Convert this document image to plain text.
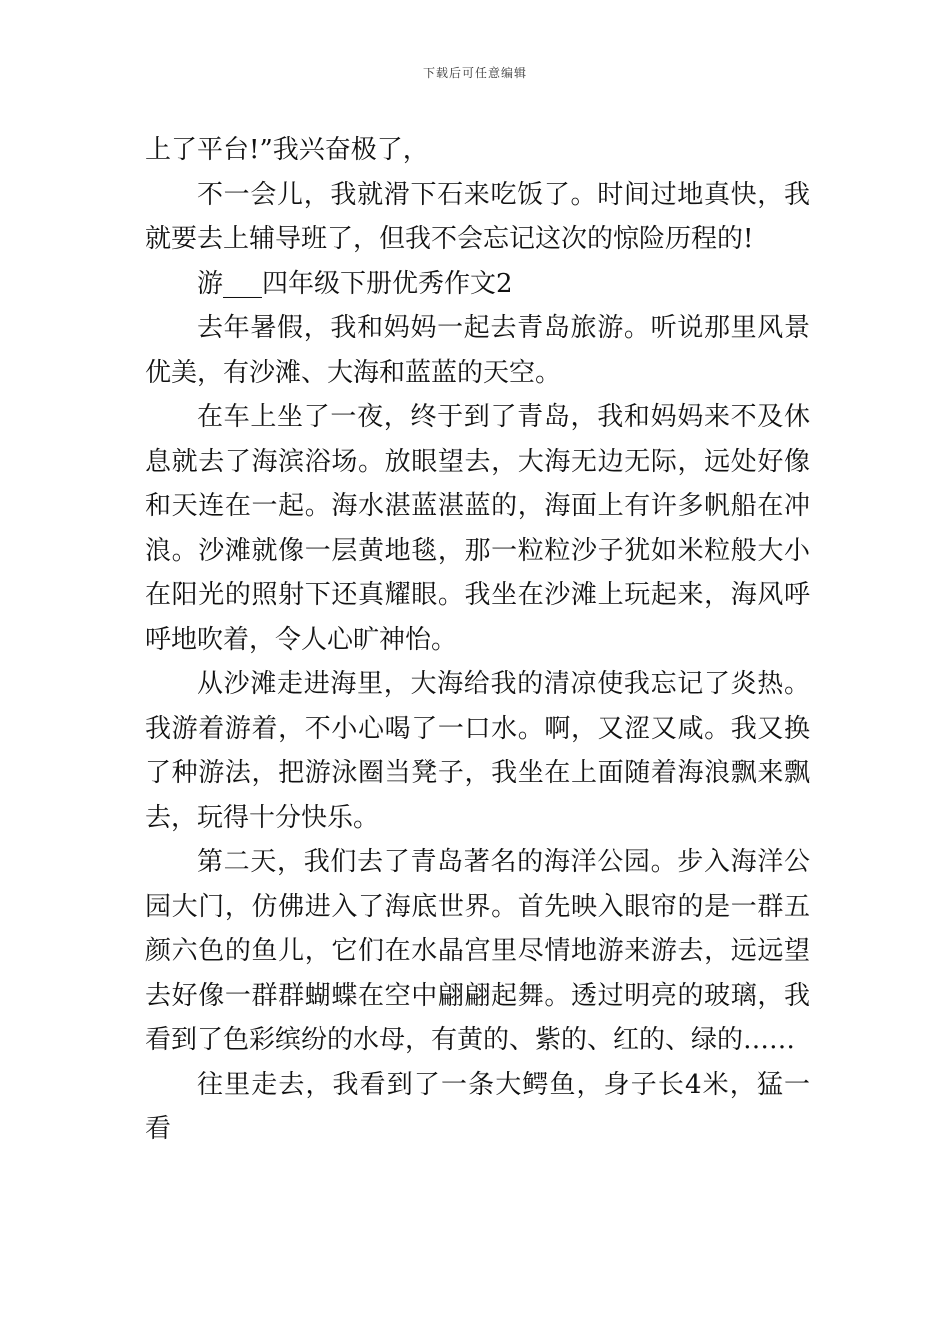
下载后可任意编辑

上了平台!”我兴奋极了，

不一会儿，我就滑下石来吃饭了。时间过地真快，我就要去上辅导班了，但我不会忘记这次的惊险历程的!

游___四年级下册优秀作文2

去年暑假，我和妈妈一起去青岛旅游。听说那里风景优美，有沙滩、大海和蓝蓝的天空。

在车上坐了一夜，终于到了青岛，我和妈妈来不及休息就去了海滨浴场。放眼望去，大海无边无际，远处好像和天连在一起。海水湛蓝湛蓝的，海面上有许多帆船在冲浪。沙滩就像一层黄地毯，那一粒粒沙子犹如米粒般大小在阳光的照射下还真耀眼。我坐在沙滩上玩起来，海风呼呼地吹着，令人心旷神怡。

从沙滩走进海里，大海给我的清凉使我忘记了炎热。我游着游着，不小心喝了一口水。啊，又涩又咸。我又换了种游法，把游泳圈当凳子，我坐在上面随着海浪飘来飘去，玩得十分快乐。

第二天，我们去了青岛著名的海洋公园。步入海洋公园大门，仿佛进入了海底世界。首先映入眼帘的是一群五颜六色的鱼儿，它们在水晶宫里尽情地游来游去，远远望去好像一群群蝴蝶在空中翩翩起舞。透过明亮的玻璃，我看到了色彩缤纷的水母，有黄的、紫的、红的、绿的……

往里走去，我看到了一条大鳄鱼，身子长4米，猛一看
